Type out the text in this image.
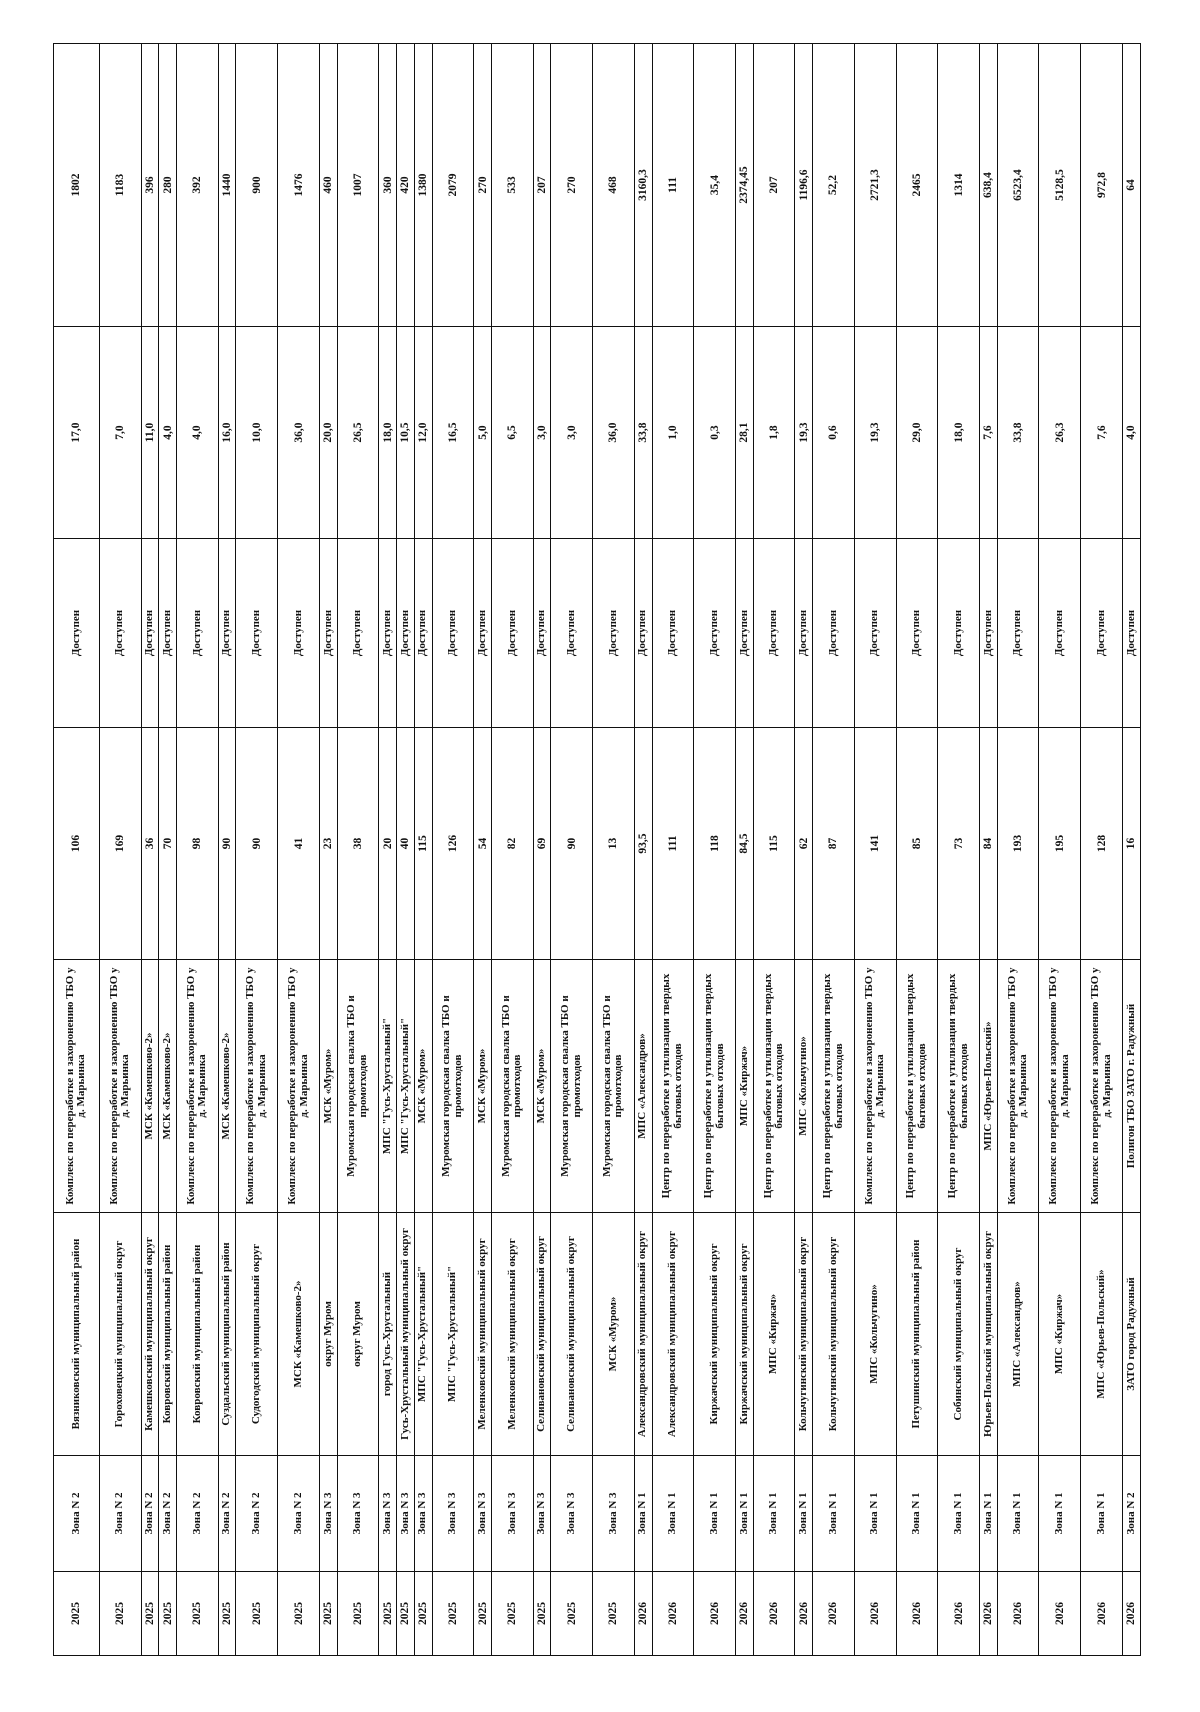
2025	Зона N 2	Вязниковский муниципальный район	Комплекс по переработке и захоронению ТБО у д. Марьинка	106	Доступен	17,0	1802
2025	Зона N 2	Гороховецкий муниципальный округ	Комплекс по переработке и захоронению ТБО у д. Марьинка	169	Доступен	7,0	1183
2025	Зона N 2	Камешковский муниципальный округ	МСК «Камешково-2»	36	Доступен	11,0	396
2025	Зона N 2	Ковровский муниципальный район	МСК «Камешково-2»	70	Доступен	4,0	280
2025	Зона N 2	Ковровский муниципальный район	Комплекс по переработке и захоронению ТБО у д. Марьинка	98	Доступен	4,0	392
2025	Зона N 2	Суздальский муниципальный район	МСК «Камешково-2»	90	Доступен	16,0	1440
2025	Зона N 2	Судогодский муниципальный округ	Комплекс по переработке и захоронению ТБО у д. Марьинка	90	Доступен	10,0	900
2025	Зона N 2	МСК «Камешково-2»	Комплекс по переработке и захоронению ТБО у д. Марьинка	41	Доступен	36,0	1476
2025	Зона N 3	округ Муром	МСК «Муром»	23	Доступен	20,0	460
2025	Зона N 3	округ Муром	Муромская городская свалка ТБО и промотходов	38	Доступен	26,5	1007
2025	Зона N 3	город Гусь-Хрустальный	МПС "Гусь-Хрустальный"	20	Доступен	18,0	360
2025	Зона N 3	Гусь-Хрустальный муниципальный округ	МПС "Гусь-Хрустальный"	40	Доступен	10,5	420
2025	Зона N 3	МПС "Гусь-Хрустальный"	МСК «Муром»	115	Доступен	12,0	1380
2025	Зона N 3	МПС "Гусь-Хрустальный"	Муромская городская свалка ТБО и промотходов	126	Доступен	16,5	2079
2025	Зона N 3	Меленковский муниципальный округ	МСК «Муром»	54	Доступен	5,0	270
2025	Зона N 3	Меленковский муниципальный округ	Муромская городская свалка ТБО и промотходов	82	Доступен	6,5	533
2025	Зона N 3	Селивановский муниципальный округ	МСК «Муром»	69	Доступен	3,0	207
2025	Зона N 3	Селивановский муниципальный округ	Муромская городская свалка ТБО и промотходов	90	Доступен	3,0	270
2025	Зона N 3	МСК «Муром»	Муромская городская свалка ТБО и промотходов	13	Доступен	36,0	468
2026	Зона N 1	Александровский муниципальный округ	МПС «Александров»	93,5	Доступен	33,8	3160,3
2026	Зона N 1	Александровский муниципальный округ	Центр по переработке и утилизации твердых бытовых отходов	111	Доступен	1,0	111
2026	Зона N 1	Киржачский муниципальный округ	Центр по переработке и утилизации твердых бытовых отходов	118	Доступен	0,3	35,4
2026	Зона N 1	Киржачский муниципальный округ	МПС «Киржач»	84,5	Доступен	28,1	2374,45
2026	Зона N 1	МПС «Киржач»	Центр по переработке и утилизации твердых бытовых отходов	115	Доступен	1,8	207
2026	Зона N 1	Кольчугинский муниципальный округ	МПС «Кольчугино»	62	Доступен	19,3	1196,6
2026	Зона N 1	Кольчугинский муниципальный округ	Центр по переработке и утилизации твердых бытовых отходов	87	Доступен	0,6	52,2
2026	Зона N 1	МПС «Кольчугино»	Комплекс по переработке и захоронению ТБО у д. Марьинка	141	Доступен	19,3	2721,3
2026	Зона N 1	Петушинский муниципальный район	Центр по переработке и утилизации твердых бытовых отходов	85	Доступен	29,0	2465
2026	Зона N 1	Собинский муниципальный округ	Центр по переработке и утилизации твердых бытовых отходов	73	Доступен	18,0	1314
2026	Зона N 1	Юрьев-Польский муниципальный округ	МПС «Юрьев-Польский»	84	Доступен	7,6	638,4
2026	Зона N 1	МПС «Александров»	Комплекс по переработке и захоронению ТБО у д. Марьинка	193	Доступен	33,8	6523,4
2026	Зона N 1	МПС «Киржач»	Комплекс по переработке и захоронению ТБО у д. Марьинка	195	Доступен	26,3	5128,5
2026	Зона N 1	МПС «Юрьев-Польский»	Комплекс по переработке и захоронению ТБО у д. Марьинка	128	Доступен	7,6	972,8
2026	Зона N 2	ЗАТО город Радужный	Полигон ТБО ЗАТО г. Радужный	16	Доступен	4,0	64
